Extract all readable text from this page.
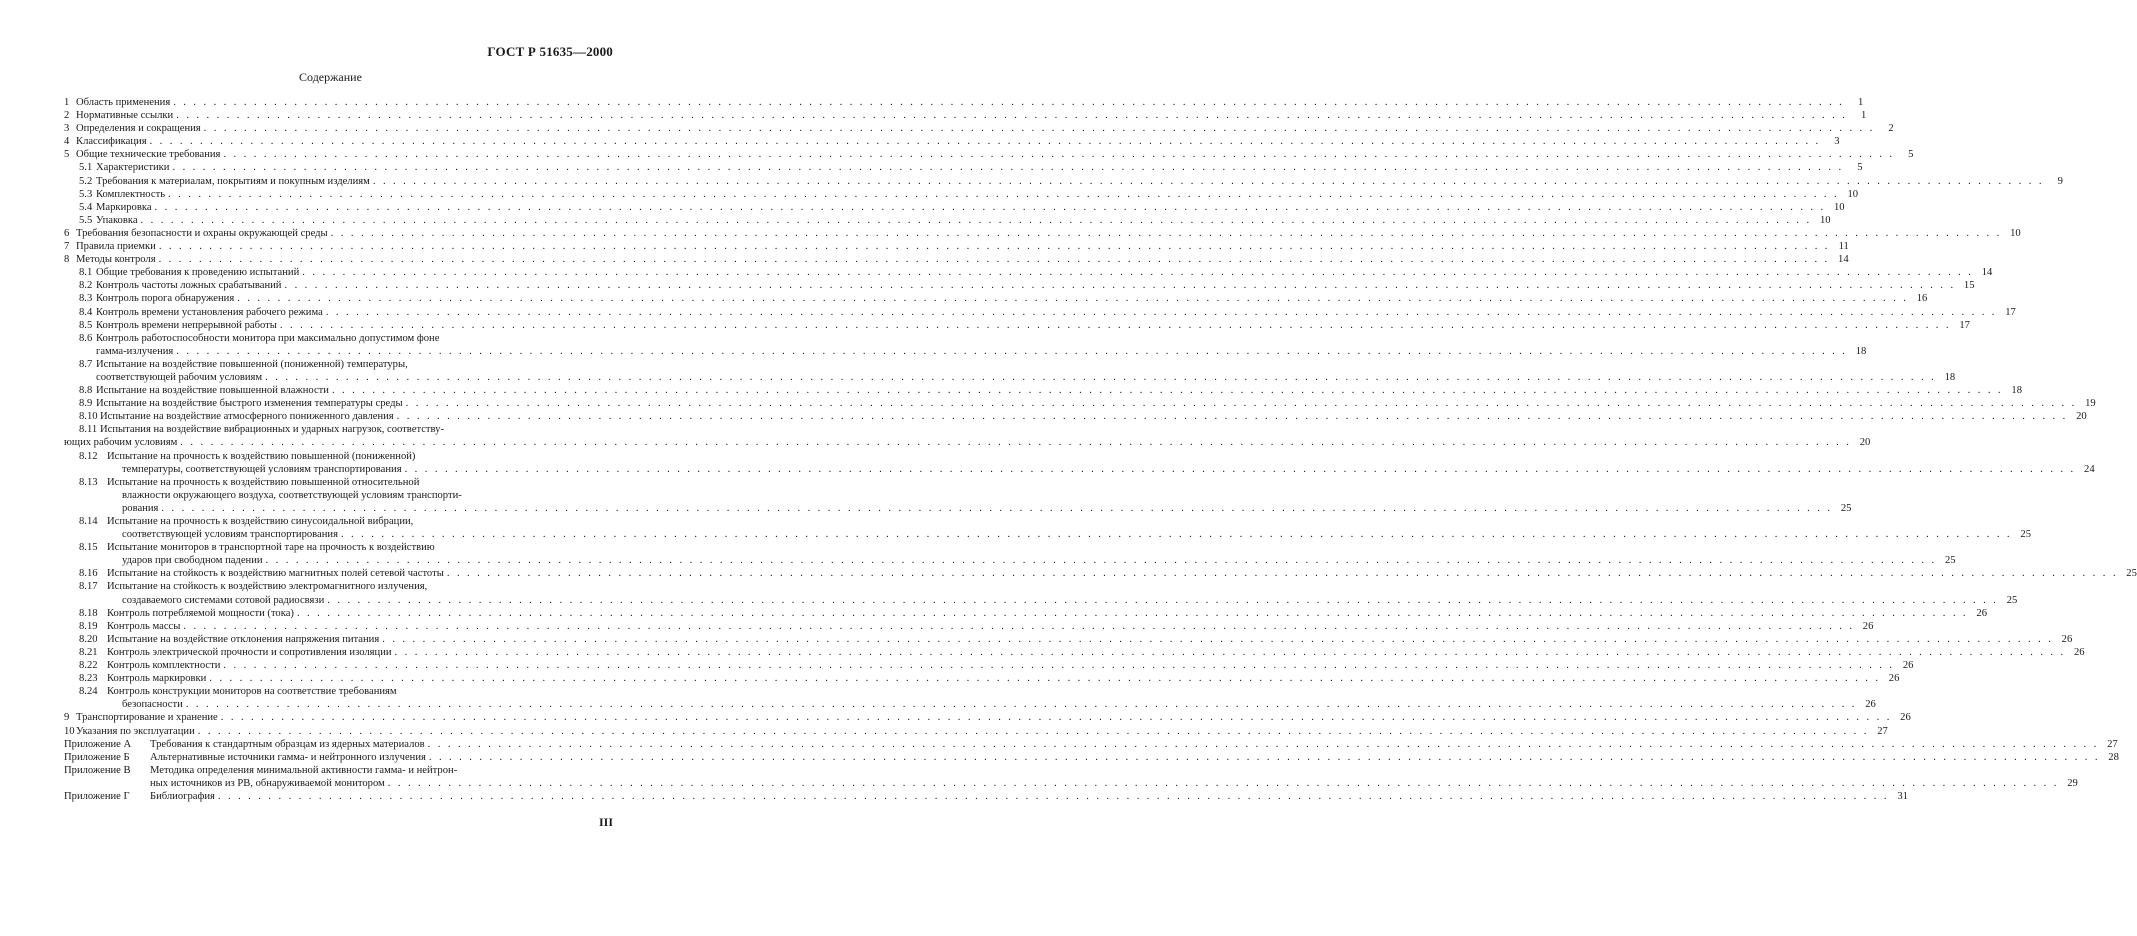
ГОСТ Р 51635—2000
Содержание
1 Область применения . . .	1
2 Нормативные ссылки . . .	1
3 Определения и сокращения . . .	2
4 Классификация . . .	3
5 Общие технические требования . . .	5
5.1 Характеристики . . .	5
5.2 Требования к материалам, покрытиям и покупным изделиям . . .	9
5.3 Комплектность . . .	10
5.4 Маркировка . . .	10
5.5 Упаковка . . .	10
6 Требования безопасности и охраны окружающей среды . . .	10
7 Правила приемки . . .	11
8 Методы контроля . . .	14
8.1 Общие требования к проведению испытаний . . .	14
8.2 Контроль частоты ложных срабатываний . . .	15
8.3 Контроль порога обнаружения . . .	16
8.4 Контроль времени установления рабочего режима . . .	17
8.5 Контроль времени непрерывной работы . . .	17
8.6 Контроль работоспособности монитора при максимально допустимом фоне
гамма-излучения . . .	18
8.7 Испытание на воздействие повышенной (пониженной) температуры,
соответствующей рабочим условиям . . .	18
8.8 Испытание на воздействие повышенной влажности . . .	18
8.9 Испытание на воздействие быстрого изменения температуры среды . . .	19
8.10 Испытание на воздействие атмосферного пониженного давления . . .	20
8.11 Испытания на воздействие вибрационных и ударных нагрузок, соответству-
ющих рабочим условиям . . .	20
8.12 Испытание на прочность к воздействию повышенной (пониженной)
температуры, соответствующей условиям транспортирования . . .	24
8.13 Испытание на прочность к воздействию повышенной относительной
влажности окружающего воздуха, соответствующей условиям транспорти-
рования . . .	25
8.14 Испытание на прочность к воздействию синусоидальной вибрации,
соответствующей условиям транспортирования . . .	25
8.15 Испытание мониторов в транспортной таре на прочность к воздействию
ударов при свободном падении . . .	25
8.16 Испытание на стойкость к воздействию магнитных полей сетевой частоты . . .	25
8.17 Испытание на стойкость к воздействию электромагнитного излучения,
создаваемого системами сотовой радиосвязи . . .	25
8.18 Контроль потребляемой мощности (тока) . . .	26
8.19 Контроль массы . . .	26
8.20 Испытание на воздействие отклонения напряжения питания . . .	26
8.21 Контроль электрической прочности и сопротивления изоляции . . .	26
8.22 Контроль комплектности . . .	26
8.23 Контроль маркировки . . .	26
8.24 Контроль конструкции мониторов на соответствие требованиям
безопасности . . .	26
9 Транспортирование и хранение . . .	26
10 Указания по эксплуатации . . .	27
Приложение А	Требования к стандартным образцам из ядерных материалов . . .	27
Приложение Б	Альтернативные источники гамма- и нейтронного излучения . . .	28
Приложение В	Методика определения минимальной активности гамма- и нейтрон-
ных источников из РВ, обнаруживаемой монитором . . .	29
Приложение Г	Библиография . . .	31
III
